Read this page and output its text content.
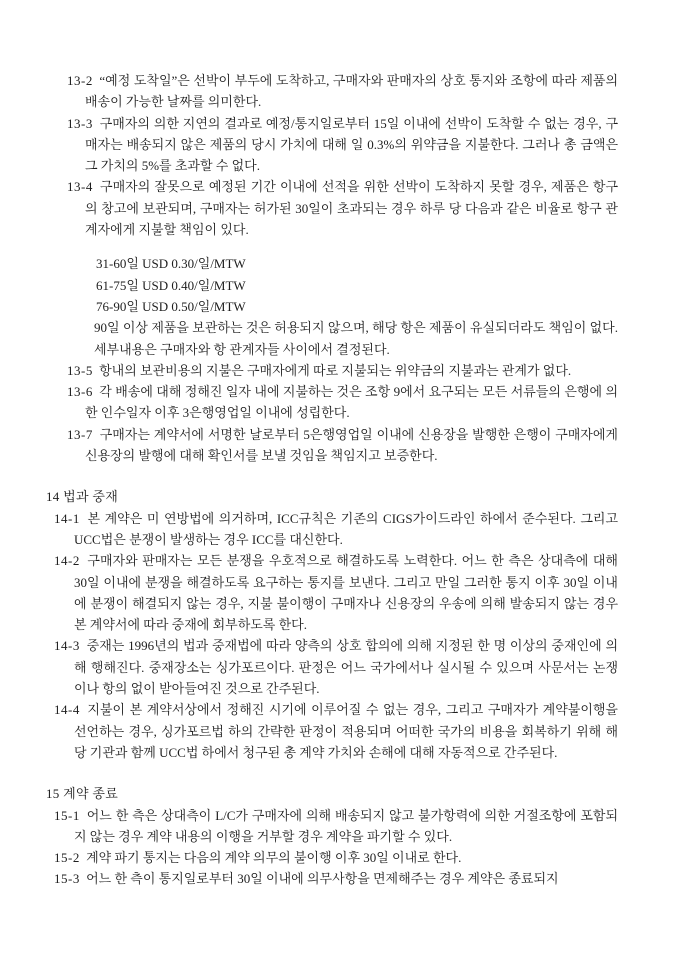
13-2 “예정 도착일”은 선박이 부두에 도착하고, 구매자와 판매자의 상호 통지와 조항에 따라 제품의 배송이 가능한 날짜를 의미한다.

13-3 구매자의 의한 지연의 결과로 예정/통지일로부터 15일 이내에 선박이 도착할 수 없는 경우, 구매자는 배송되지 않은 제품의 당시 가치에 대해 일 0.3%의 위약금을 지불한다. 그러나 총 금액은 그 가치의 5%를 초과할 수 없다.

13-4 구매자의 잘못으로 예정된 기간 이내에 선적을 위한 선박이 도착하지 못할 경우, 제품은 항구의 창고에 보관되며, 구매자는 허가된 30일이 초과되는 경우 하루 당 다음과 같은 비율로 항구 관계자에게 지불할 책임이 있다.

31-60일 USD 0.30/일/MTW

61-75일 USD 0.40/일/MTW

76-90일 USD 0.50/일/MTW

90일 이상 제품을 보관하는 것은 허용되지 않으며, 해당 항은 제품이 유실되더라도 책임이 없다. 세부내용은 구매자와 항 관계자들 사이에서 결정된다.

13-5 항내의 보관비용의 지불은 구매자에게 따로 지불되는 위약금의 지불과는 관계가 없다.

13-6 각 배송에 대해 정해진 일자 내에 지불하는 것은 조항 9에서 요구되는 모든 서류들의 은행에 의한 인수일자 이후 3은행영업일 이내에 성립한다.

13-7 구매자는 계약서에 서명한 날로부터 5은행영업일 이내에 신용장을 발행한 은행이 구매자에게 신용장의 발행에 대해 확인서를 보낼 것임을 책임지고 보증한다.

14 법과 중재

14-1 본 계약은 미 연방법에 의거하며, ICC규칙은 기존의 CIGS가이드라인 하에서 준수된다. 그리고 UCC법은 분쟁이 발생하는 경우 ICC를 대신한다.

14-2 구매자와 판매자는 모든 분쟁을 우호적으로 해결하도록 노력한다. 어느 한 측은 상대측에 대해 30일 이내에 분쟁을 해결하도록 요구하는 통지를 보낸다. 그리고 만일 그러한 통지 이후 30일 이내에 분쟁이 해결되지 않는 경우, 지불 불이행이 구매자나 신용장의 우송에 의해 발송되지 않는 경우 본 계약서에 따라 중재에 회부하도록 한다.

14-3 중재는 1996년의 법과 중재법에 따라 양측의 상호 합의에 의해 지정된 한 명 이상의 중재인에 의해 행해진다. 중재장소는 싱가포르이다. 판정은 어느 국가에서나 실시될 수 있으며 사문서는 논쟁이나 항의 없이 받아들여진 것으로 간주된다.

14-4 지불이 본 계약서상에서 정해진 시기에 이루어질 수 없는 경우, 그리고 구매자가 계약불이행을 선언하는 경우, 싱가포르법 하의 간략한 판정이 적용되며 어떠한 국가의 비용을 회복하기 위해 해당 기관과 함께 UCC법 하에서 청구된 총 계약 가치와 손해에 대해 자동적으로 간주된다.

15 계약 종료

15-1 어느 한 측은 상대측이 L/C가 구매자에 의해 배송되지 않고 불가항력에 의한 거절조항에 포함되지 않는 경우 계약 내용의 이행을 거부할 경우 계약을 파기할 수 있다.

15-2 계약 파기 통지는 다음의 계약 의무의 불이행 이후 30일 이내로 한다.

15-3 어느 한 측이 통지일로부터 30일 이내에 의무사항을 면제해주는 경우 계약은 종료되지
